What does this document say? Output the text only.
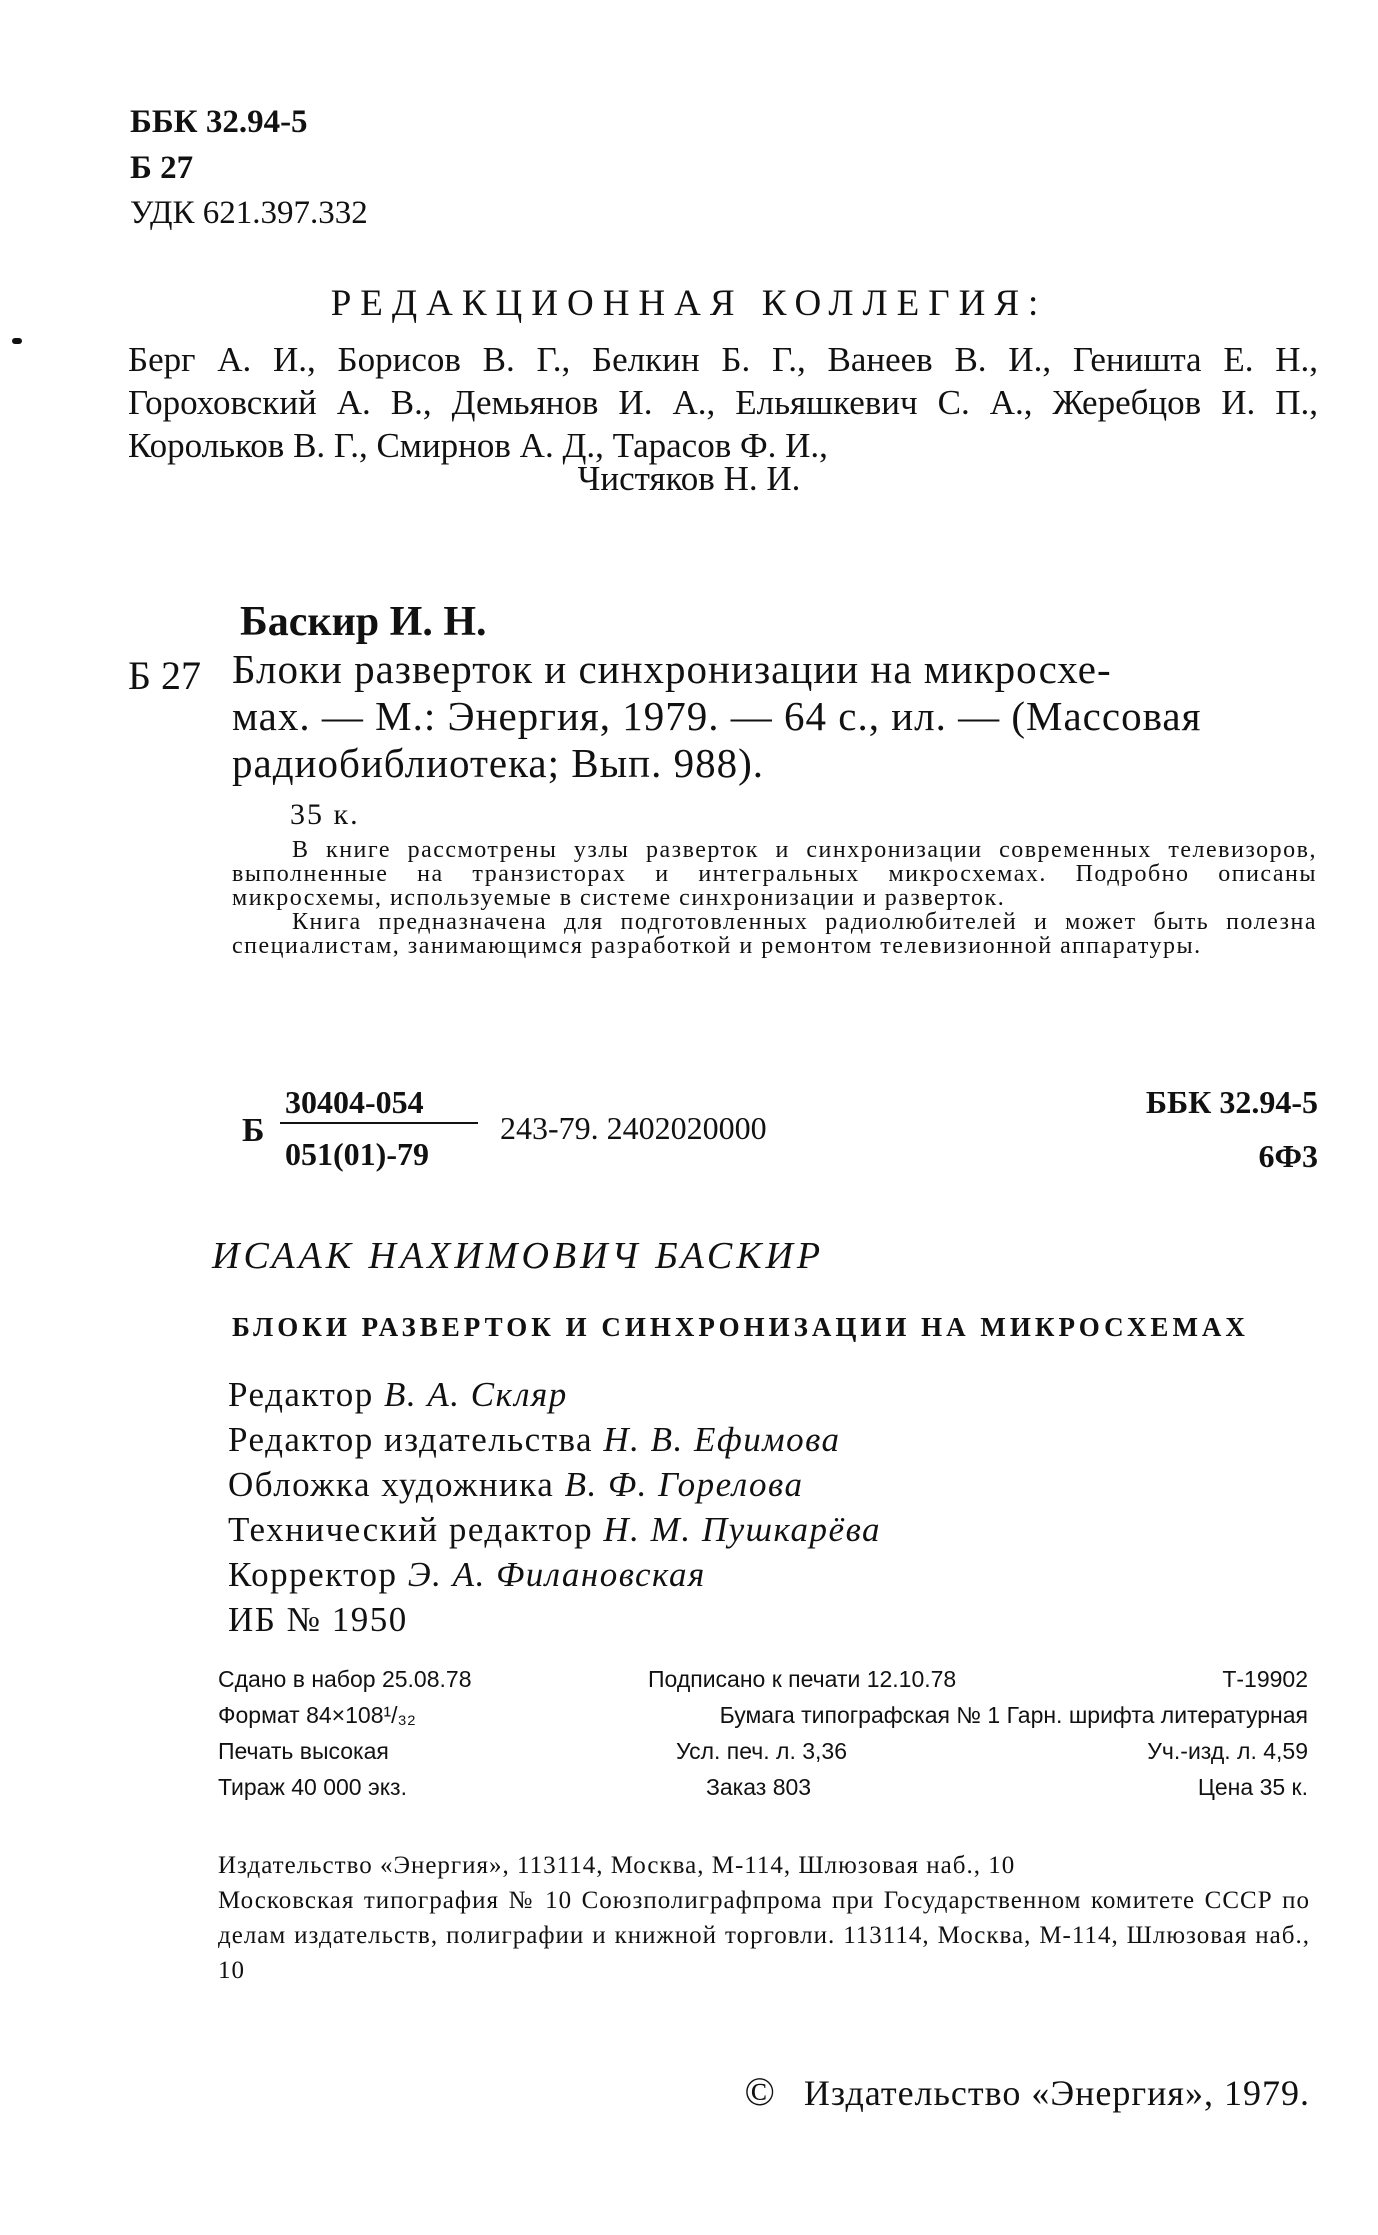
ББК 32.94-5
Б 27
УДК 621.397.332
РЕДАКЦИОННАЯ КОЛЛЕГИЯ:
Берг А. И., Борисов В. Г., Белкин Б. Г., Ванеев В. И., Геништа Е. Н., Гороховский А. В., Демьянов И. А., Ельяшкевич С. А., Жеребцов И. П., Корольков В. Г., Смирнов А. Д., Тарасов Ф. И.,
Чистяков Н. И.
Баскир И. Н.
Б 27 Блоки разверток и синхронизации на микросхе-
мах. — М.: Энергия, 1979. — 64 с., ил. — (Массовая
радиобиблиотека; Вып. 988).
35 к.

В книге рассмотрены узлы разверток и синхронизации современных телевизоров, выполненные на транзисторах и интегральных микросхемах. Подробно описаны микросхемы, используемые в системе синхронизации и разверток.

Книга предназначена для подготовленных радиолюбителей и может быть полезна специалистам, занимающимся разработкой и ремонтом телевизионной аппаратуры.

Б
30404-054
051(01)-79
243-79. 2402020000
ББК 32.94-5
6Ф3
ИСААК НАХИМОВИЧ БАСКИР
БЛОКИ РАЗВЕРТОК И СИНХРОНИЗАЦИИ НА МИКРОСХЕМАХ
Редактор В. А. Скляр
Редактор издательства Н. В. Ефимова
Обложка художника В. Ф. Горелова
Технический редактор Н. М. Пушкарёва
Корректор Э. А. Филановская
ИБ № 1950
Сдано в набор 25.08.78	Подписано к печати 12.10.78	Т-19902
Формат 84×108¹/₃₂	Бумага типографская № 1 Гарн. шрифта литературная
Печать высокая	Усл. печ. л. 3,36	Уч.-изд. л. 4,59
Тираж 40 000 экз.	Заказ 803	Цена 35 к.

Издательство «Энергия», 113114, Москва, М-114, Шлюзовая наб., 10

Московская типография № 10 Союзполиграфпрома при Государственном комитете СССР по делам издательств, полиграфии и книжной торговли. 113114, Москва, М-114, Шлюзовая наб., 10

© Издательство «Энергия», 1979.
